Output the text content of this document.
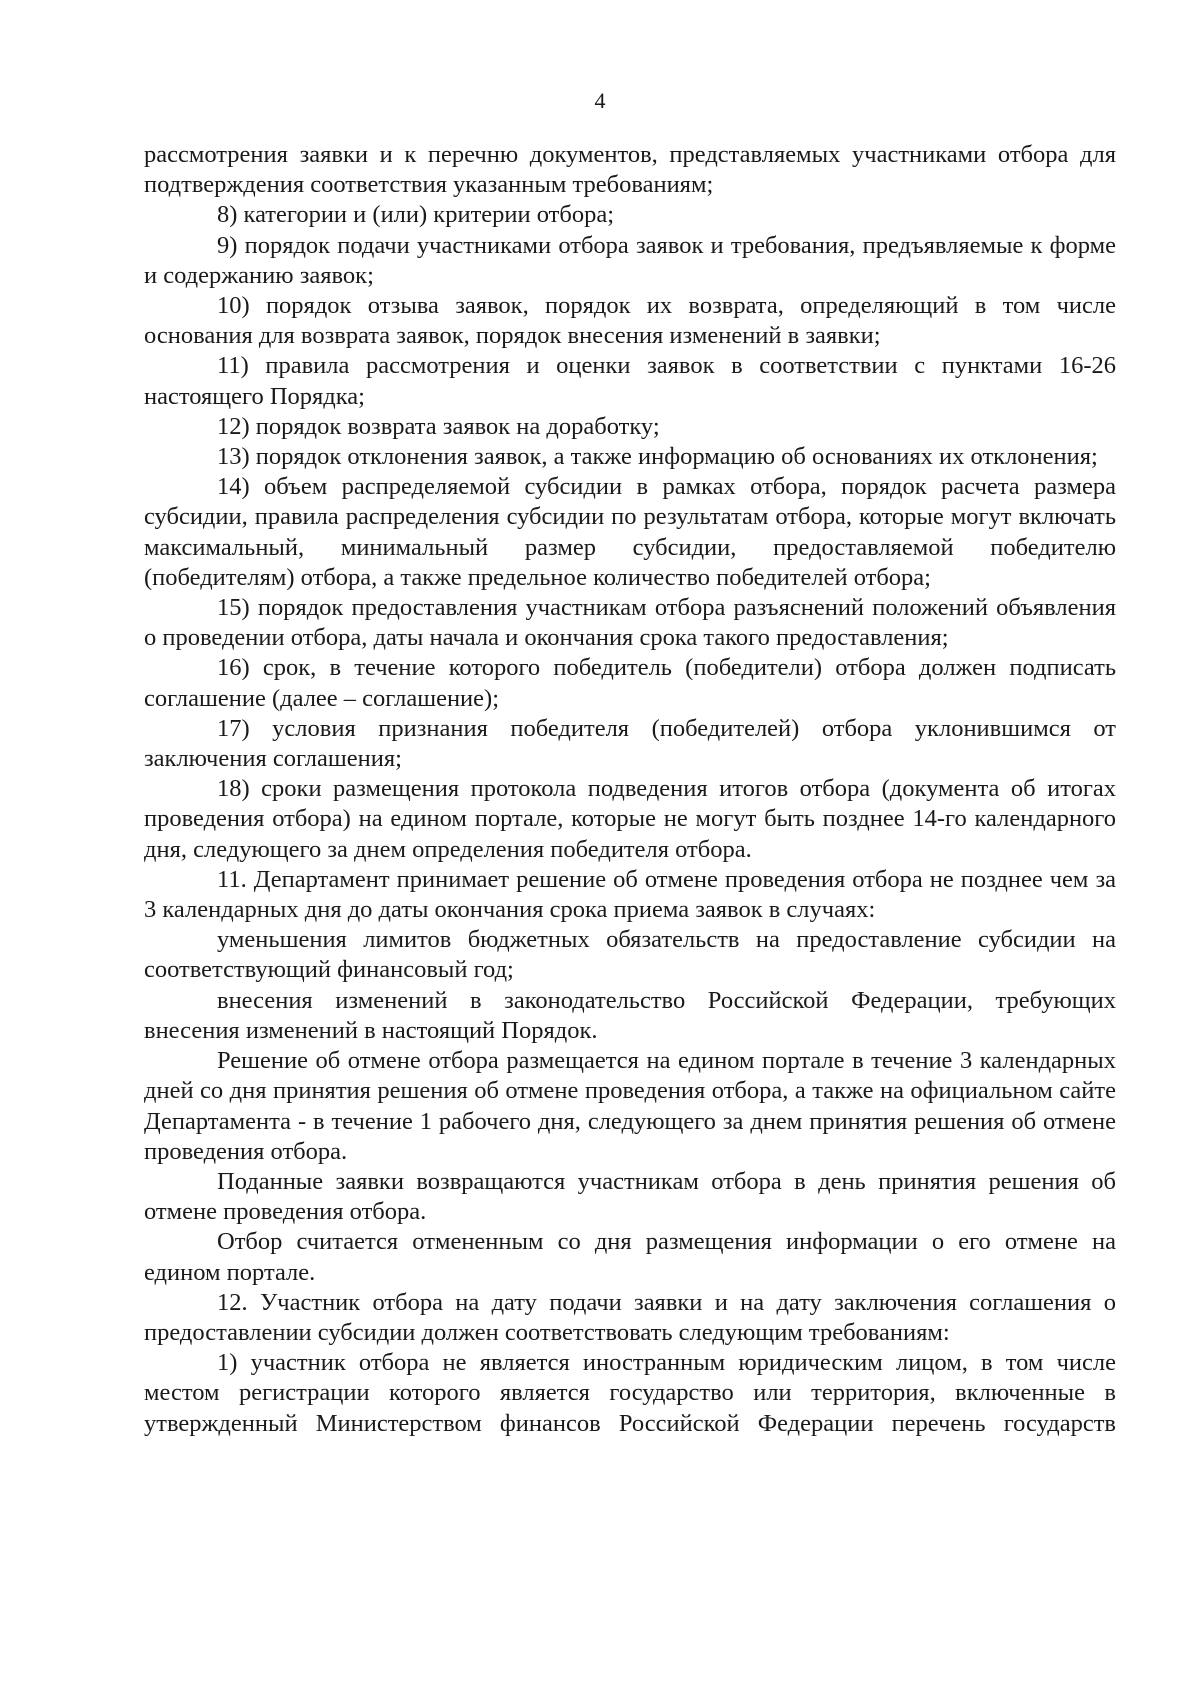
4

рассмотрения заявки и к перечню документов, представляемых участниками отбора для подтверждения соответствия указанным требованиям;

8) категории и (или) критерии отбора;

9) порядок подачи участниками отбора заявок и требования, предъявляемые к форме и содержанию заявок;

10) порядок отзыва заявок, порядок их возврата, определяющий в том числе основания для возврата заявок, порядок внесения изменений в заявки;

11) правила рассмотрения и оценки заявок в соответствии с пунктами 16-26 настоящего Порядка;

12) порядок возврата заявок на доработку;

13) порядок отклонения заявок, а также информацию об основаниях их отклонения;

14) объем распределяемой субсидии в рамках отбора, порядок расчета размера субсидии, правила распределения субсидии по результатам отбора, которые могут включать максимальный, минимальный размер субсидии, предоставляемой победителю (победителям) отбора, а также предельное количество победителей отбора;

15) порядок предоставления участникам отбора разъяснений положений объявления о проведении отбора, даты начала и окончания срока такого предоставления;

16) срок, в течение которого победитель (победители) отбора должен подписать соглашение (далее – соглашение);

17) условия признания победителя (победителей) отбора уклонившимся от заключения соглашения;

18) сроки размещения протокола подведения итогов отбора (документа об итогах проведения отбора) на едином портале, которые не могут быть позднее 14-го календарного дня, следующего за днем определения победителя отбора.

11. Департамент принимает решение об отмене проведения отбора не позднее чем за 3 календарных дня до даты окончания срока приема заявок в случаях:

уменьшения лимитов бюджетных обязательств на предоставление субсидии на соответствующий финансовый год;

внесения изменений в законодательство Российской Федерации, требующих внесения изменений в настоящий Порядок.

Решение об отмене отбора размещается на едином портале в течение 3 календарных дней со дня принятия решения об отмене проведения отбора, а также на официальном сайте Департамента - в течение 1 рабочего дня, следующего за днем принятия решения об отмене проведения отбора.

Поданные заявки возвращаются участникам отбора в день принятия решения об отмене проведения отбора.

Отбор считается отмененным со дня размещения информации о его отмене на едином портале.

12. Участник отбора на дату подачи заявки и на дату заключения соглашения о предоставлении субсидии должен соответствовать следующим требованиям:

1) участник отбора не является иностранным юридическим лицом, в том числе местом регистрации которого является государство или территория, включенные в утвержденный Министерством финансов Российской Федерации перечень государств
